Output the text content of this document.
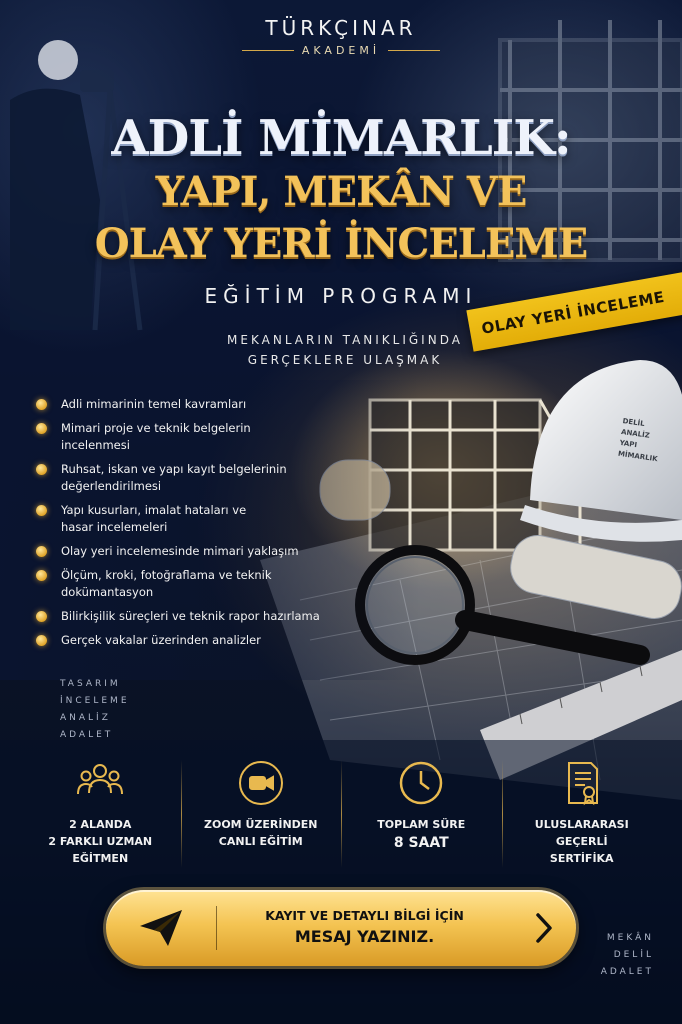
TÜRKÇINAR
AKADEMİ
ADLİ MİMARLIK:
YAPI, MEKÂN VE
OLAY YERİ İNCELEME
EĞİTİM PROGRAMI
MEKANLARIN TANIKLIĞINDA
GERÇEKLERE ULAŞMAK
OLAY YERİ İNCELEME
DELİL
ANALİZ
YAPI
MİMARLIK
Adli mimarinin temel kavramları
Mimari proje ve teknik belgelerin incelenmesi
Ruhsat, iskan ve yapı kayıt belgelerinin değerlendirilmesi
Yapı kusurları, imalat hataları ve hasar incelemeleri
Olay yeri incelemesinde mimari yaklaşım
Ölçüm, kroki, fotoğraflama ve teknik dokümantasyon
Bilirkişilik süreçleri ve teknik rapor hazırlama
Gerçek vakalar üzerinden analizler
TASARIM
İNCELEME
ANALİZ
ADALET
MEKÂN
DELİL
ADALET
2 ALANDA
2 FARKLI UZMAN
EĞİTMEN
ZOOM ÜZERİNDEN
CANLI EĞİTİM
TOPLAM SÜRE
8 SAAT
ULUSLARARASI
GEÇERLİ
SERTİFİKA
KAYIT VE DETAYLI BİLGİ İÇİN
MESAJ YAZINIZ.
